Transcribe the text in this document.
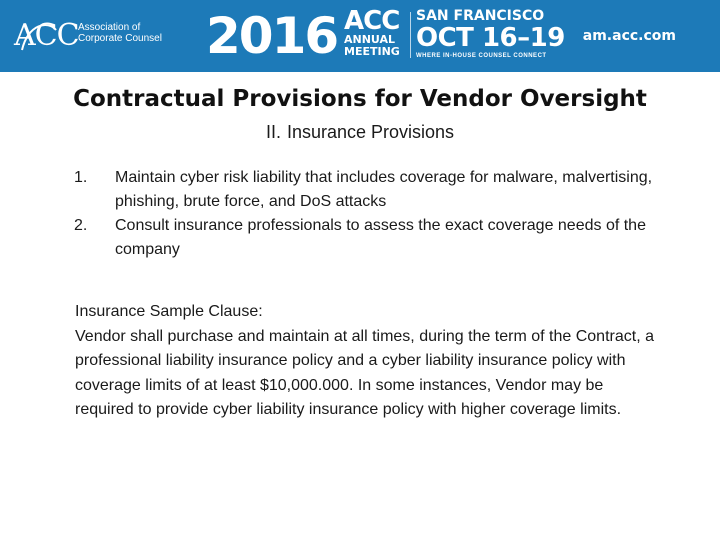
ACC Association of
Corporate Counsel 2016 ACC
ANNUAL
MEETING
SAN FRANCISCO
OCT 16–19
WHERE IN-HOUSE COUNSEL CONNECT
am.acc.com
Contractual Provisions for Vendor Oversight
II. Insurance Provisions
1. Maintain cyber risk liability that includes coverage for malware, malvertising, phishing, brute force, and DoS attacks
2. Consult insurance professionals to assess the exact coverage needs of the company
Insurance Sample Clause:
Vendor shall purchase and maintain at all times, during the term of the Contract, a professional liability insurance policy and a cyber liability insurance policy with coverage limits of at least $10,000.000. In some instances, Vendor may be required to provide cyber liability insurance policy with higher coverage limits.
